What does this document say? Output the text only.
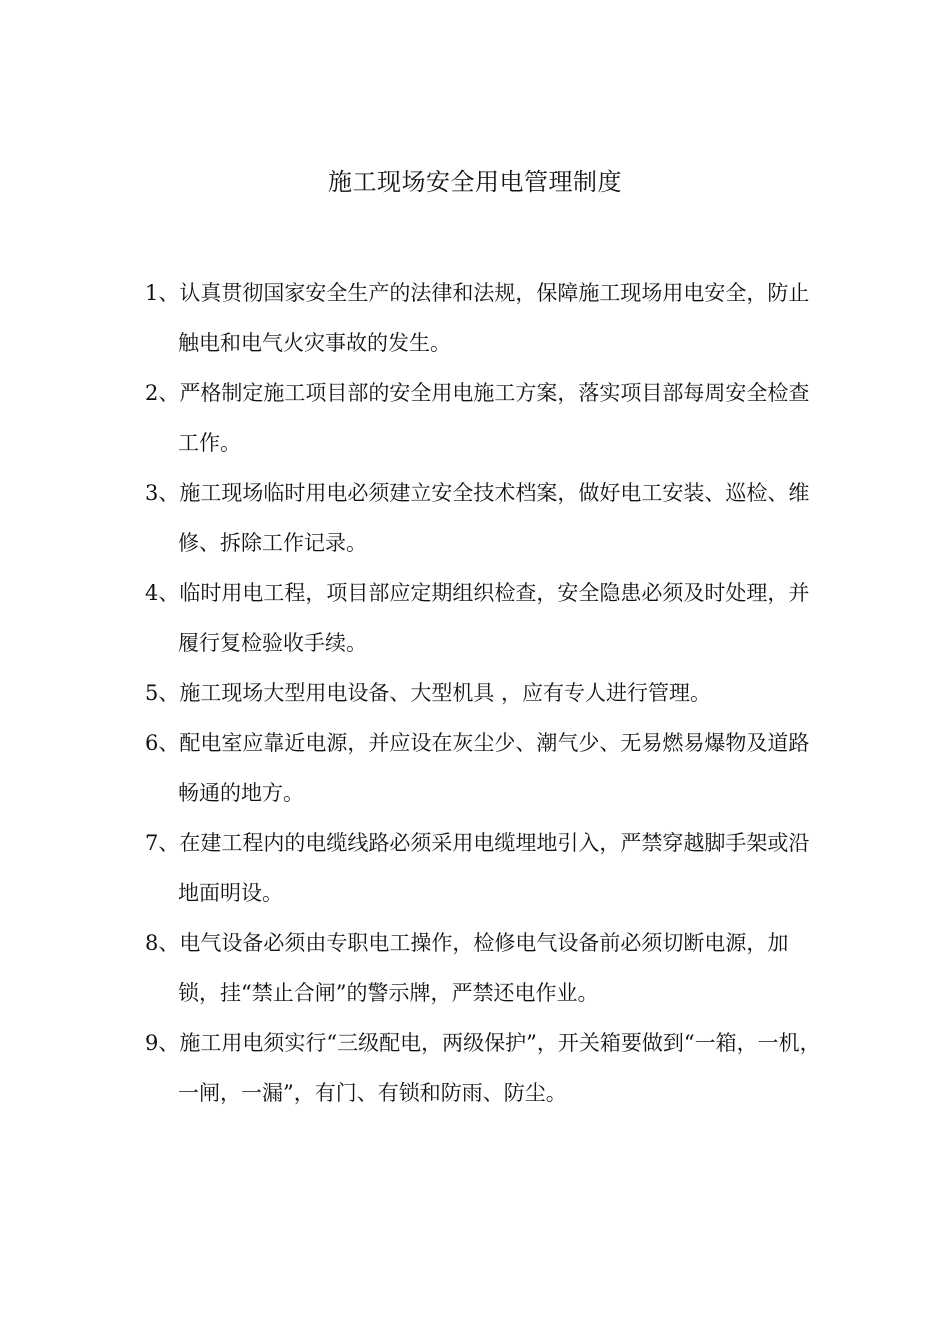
施工现场安全用电管理制度
1、认真贯彻国家安全生产的法律和法规，保障施工现场用电安全，防止触电和电气火灾事故的发生。
2、严格制定施工项目部的安全用电施工方案，落实项目部每周安全检查工作。
3、施工现场临时用电必须建立安全技术档案，做好电工安装、巡检、维修、拆除工作记录。
4、临时用电工程，项目部应定期组织检查，安全隐患必须及时处理，并履行复检验收手续。
5、施工现场大型用电设备、大型机具 ，应有专人进行管理。
6、配电室应靠近电源，并应设在灰尘少、潮气少、无易燃易爆物及道路畅通的地方。
7、在建工程内的电缆线路必须采用电缆埋地引入，严禁穿越脚手架或沿地面明设。
8、电气设备必须由专职电工操作，检修电气设备前必须切断电源，加锁，挂“禁止合闸”的警示牌，严禁还电作业。
9、施工用电须实行“三级配电，两级保护”，开关箱要做到“一箱，一机，一闸，一漏”，有门、有锁和防雨、防尘。
